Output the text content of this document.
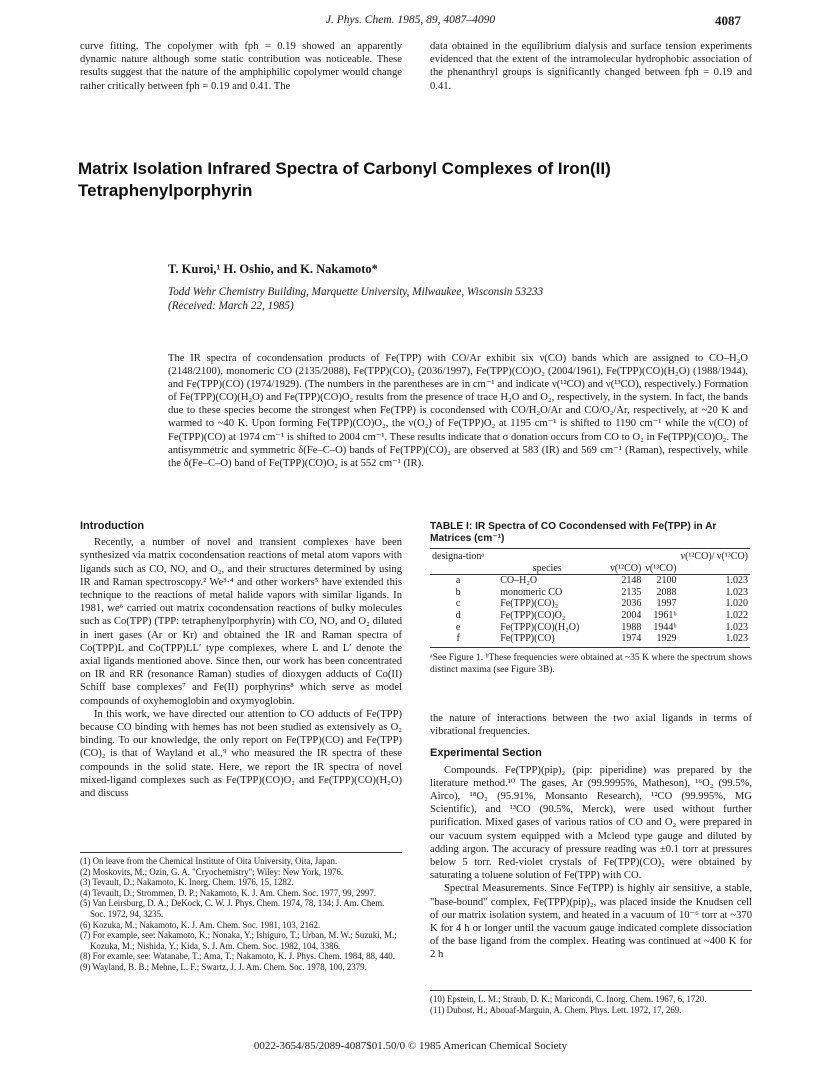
J. Phys. Chem. 1985, 89, 4087–4090	4087

curve fitting. The copolymer with fph = 0.19 showed an apparently dynamic nature although some static contribution was noticeable. These results suggest that the nature of the amphiphilic copolymer would change rather critically between fph = 0.19 and 0.41. The

data obtained in the equilibrium dialysis and surface tension experiments evidenced that the extent of the intramolecular hydrophobic association of the phenanthryl groups is significantly changed between fph = 0.19 and 0.41.

Matrix Isolation Infrared Spectra of Carbonyl Complexes of Iron(II) Tetraphenylporphyrin
T. Kuroi,¹ H. Oshio, and K. Nakamoto*
Todd Wehr Chemistry Building, Marquette University, Milwaukee, Wisconsin 53233
(Received: March 22, 1985)
The IR spectra of cocondensation products of Fe(TPP) with CO/Ar exhibit six ν(CO) bands which are assigned to CO–H₂O (2148/2100), monomeric CO (2135/2088), Fe(TPP)(CO)₂ (2036/1997), Fe(TPP)(CO)O₂ (2004/1961), Fe(TPP)(CO)(H₂O) (1988/1944), and Fe(TPP)(CO) (1974/1929). (The numbers in the parentheses are in cm⁻¹ and indicate ν(¹²CO) and ν(¹³CO), respectively.) Formation of Fe(TPP)(CO)(H₂O) and Fe(TPP)(CO)O₂ results from the presence of trace H₂O and O₂, respectively, in the system. In fact, the bands due to these species become the strongest when Fe(TPP) is cocondensed with CO/H₂O/Ar and CO/O₂/Ar, respectively, at ~20 K and warmed to ~40 K. Upon forming Fe(TPP)(CO)O₂, the ν(O₂) of Fe(TPP)O₂ at 1195 cm⁻¹ is shifted to 1190 cm⁻¹ while the ν(CO) of Fe(TPP)(CO) at 1974 cm⁻¹ is shifted to 2004 cm⁻¹. These results indicate that σ donation occurs from CO to O₂ in Fe(TPP)(CO)O₂. The antisymmetric and symmetric δ(Fe–C–O) bands of Fe(TPP)(CO)₂ are observed at 583 (IR) and 569 cm⁻¹ (Raman), respectively, while the δ(Fe–C–O) band of Fe(TPP)(CO)O₂ is at 552 cm⁻¹ (IR).
Introduction

Recently, a number of novel and transient complexes have been synthesized via matrix cocondensation reactions of metal atom vapors with ligands such as CO, NO, and O₂, and their structures determined by using IR and Raman spectroscopy.² We³·⁴ and other workers⁵ have extended this technique to the reactions of metal halide vapors with similar ligands. In 1981, we⁶ carried out matrix cocondensation reactions of bulky molecules such as Co(TPP) (TPP: tetraphenylporphyrin) with CO, NO, and O₂ diluted in inert gases (Ar or Kr) and obtained the IR and Raman spectra of Co(TPP)L and Co(TPP)LL′ type complexes, where L and L′ denote the axial ligands mentioned above. Since then, our work has been concentrated on IR and RR (resonance Raman) studies of dioxygen adducts of Co(II) Schiff base complexes⁷ and Fe(II) porphyrins⁸ which serve as model compounds of oxyhemoglobin and oxymyoglobin.

In this work, we have directed our attention to CO adducts of Fe(TPP) because CO binding with hemes has not been studied as extensively as O₂ binding. To our knowledge, the only report on Fe(TPP)(CO) and Fe(TPP)(CO)₂ is that of Wayland et al.,⁹ who measured the IR spectra of these compounds in the solid state. Here, we report the IR spectra of novel mixed-ligand complexes such as Fe(TPP)(CO)O₂ and Fe(TPP)(CO)(H₂O) and discuss

(1) On leave from the Chemical Institute of Oita University, Oita, Japan.
(2) Moskovits, M.; Ozin, G. A. "Cryochemistry"; Wiley: New York, 1976.
(3) Tevault, D.; Nakamoto, K. Inorg. Chem. 1976, 15, 1282.
(4) Tevault, D.; Strommen, D. P.; Nakamoto, K. J. Am. Chem. Soc. 1977, 99, 2997.
(5) Van Leirsburg, D. A.; DeKock, C. W. J. Phys. Chem. 1974, 78, 134; J. Am. Chem. Soc. 1972, 94, 3235.
(6) Kozuka, M.; Nakamoto, K. J. Am. Chem. Soc. 1981, 103, 2162.
(7) For example, see: Nakamoto, K.; Nonaka, Y.; Ishiguro, T.; Urban, M. W.; Suzuki, M.; Kozuka, M.; Nishida, Y.; Kida, S. J. Am. Chem. Soc. 1982, 104, 3386.
(8) For examle, see: Watanabe, T.; Ama, T.; Nakamoto, K. J. Phys. Chem. 1984, 88, 440.
(9) Wayland, B. B.; Mehne, L. F.; Swartz, J. J. Am. Chem. Soc. 1978, 100, 2379.
TABLE I: IR Spectra of CO Cocondensed with Fe(TPP) in Ar Matrices (cm⁻¹)
designa-tionᵃ				ν(¹²CO)/ ν(¹³CO)
	species	ν(¹²CO)	ν(¹³CO)	
a	CO–H₂O	2148	2100	1.023
b	monomeric CO	2135	2088	1.023
c	Fe(TPP)(CO)₂	2036	1997	1.020
d	Fe(TPP)(CO)O₂	2004	1961ᵇ	1.022
e	Fe(TPP)(CO)(H₂O)	1988	1944ᵇ	1.023
f	Fe(TPP)(CO)	1974	1929	1.023
ᵃSee Figure 1. ᵇThese frequencies were obtained at ~35 K where the spectrum shows distinct maxima (see Figure 3B).

the nature of interactions between the two axial ligands in terms of vibrational frequencies.

Experimental Section

Compounds. Fe(TPP)(pip)₂ (pip: piperidine) was prepared by the literature method.¹⁰ The gases, Ar (99.9995%, Matheson), ¹⁶O₂ (99.5%, Airco), ¹⁸O₂ (95.91%, Monsanto Research), ¹²CO (99.995%, MG Scientific), and ¹³CO (90.5%, Merck), were used without further purification. Mixed gases of various ratios of CO and O₂ were prepared in our vacuum system equipped with a Mcleod type gauge and diluted by adding argon. The accuracy of pressure reading was ±0.1 torr at pressures below 5 torr. Red-violet crystals of Fe(TPP)(CO)₂ were obtained by saturating a toluene solution of Fe(TPP) with CO.

Spectral Measurements. Since Fe(TPP) is highly air sensitive, a stable, "base-bound" complex, Fe(TPP)(pip)₂, was placed inside the Knudsen cell of our matrix isolation system, and heated in a vacuum of 10⁻⁶ torr at ~370 K for 4 h or longer until the vacuum gauge indicated complete dissociation of the base ligand from the complex. Heating was continued at ~400 K for 2 h

(10) Epstein, L. M.; Straub, D. K.; Maricondi, C. Inorg. Chem. 1967, 6, 1720.
(11) Dubost, H.; Abouaf-Marguin, A. Chem. Phys. Lett. 1972, 17, 269.
0022-3654/85/2089-4087$01.50/0 © 1985 American Chemical Society
